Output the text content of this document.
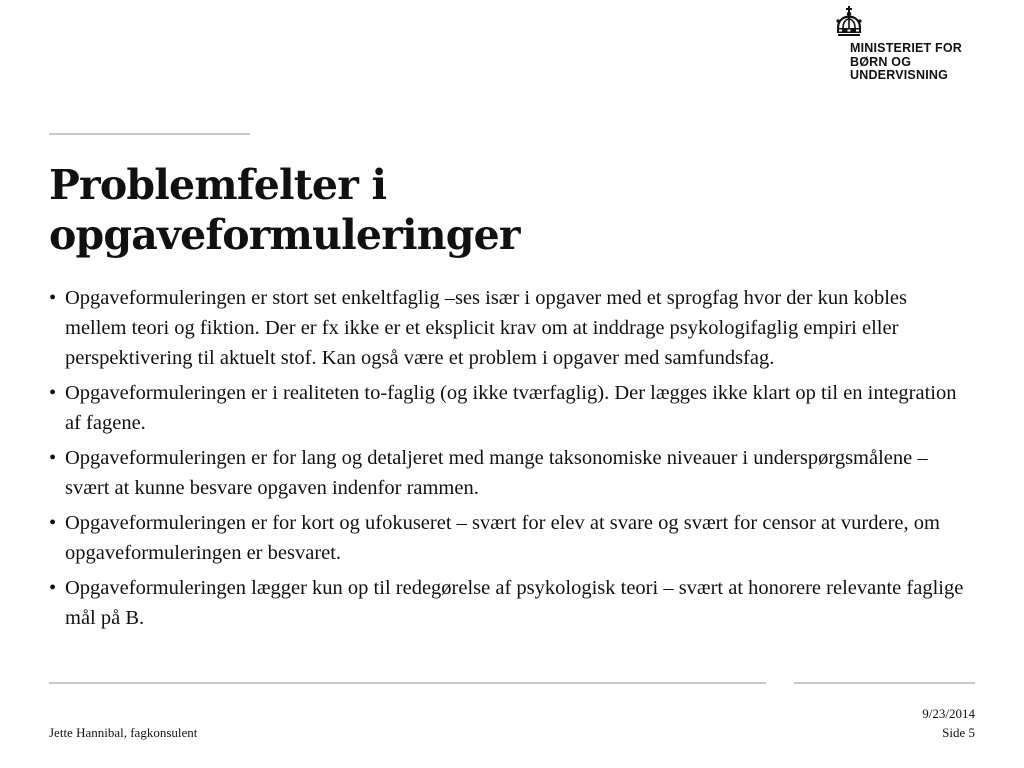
MINISTERIET FOR
BØRN OG
UNDERVISNING
Problemfelter i
opgaveformuleringer
• Opgaveformuleringen er stort set enkeltfaglig –ses især i opgaver med et sprogfag hvor der kun kobles mellem teori og fiktion. Der er fx ikke er et eksplicit krav om at inddrage psykologifaglig empiri eller perspektivering til aktuelt stof. Kan også være et problem i opgaver med samfundsfag.
• Opgaveformuleringen er i realiteten to-faglig (og ikke tværfaglig). Der lægges ikke klart op til en integration af fagene.
• Opgaveformuleringen er for lang og detaljeret med mange taksonomiske niveauer i underspørgsmålene – svært at kunne besvare opgaven indenfor rammen.
• Opgaveformuleringen er for kort og ufokuseret – svært for elev at svare og svært for censor at vurdere, om opgaveformuleringen er besvaret.
• Opgaveformuleringen lægger kun op til redegørelse af psykologisk teori – svært at honorere relevante faglige mål på B.
Jette Hannibal, fagkonsulent
9/23/2014
Side 5
